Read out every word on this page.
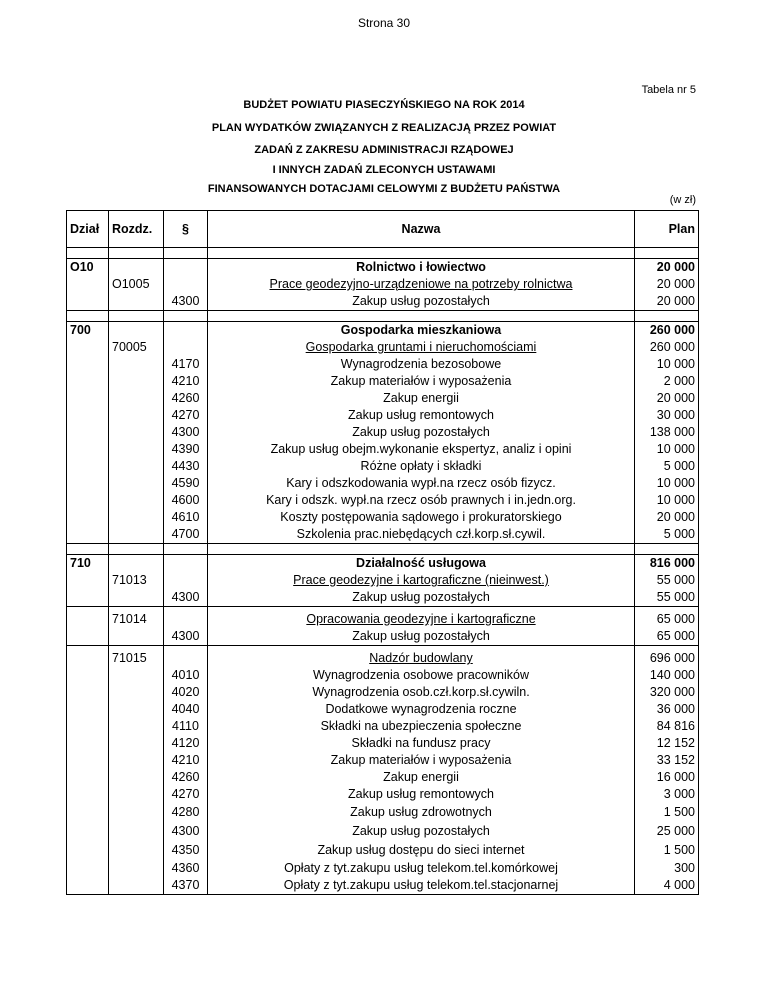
Strona 30
Tabela nr 5
BUDŻET POWIATU PIASECZYŃSKIEGO NA ROK 2014
PLAN WYDATKÓW ZWIĄZANYCH Z REALIZACJĄ PRZEZ POWIAT
ZADAŃ Z ZAKRESU ADMINISTRACJI RZĄDOWEJ
I INNYCH ZADAŃ ZLECONYCH USTAWAMI
FINANSOWANYCH DOTACJAMI CELOWYMI Z BUDŻETU PAŃSTWA
(w zł)
Dział	Rozdz.	§	Nazwa	Plan

O10			Rolnictwo i łowiectwo	20 000
	O1005		Prace geodezyjno-urządzeniowe na potrzeby rolnictwa	20 000
		4300	Zakup usług pozostałych	20 000

700			Gospodarka mieszkaniowa	260 000
	70005		Gospodarka gruntami i nieruchomościami	260 000
		4170	Wynagrodzenia bezosobowe	10 000
		4210	Zakup materiałów i wyposażenia	2 000
		4260	Zakup energii	20 000
		4270	Zakup usług remontowych	30 000
		4300	Zakup usług pozostałych	138 000
		4390	Zakup usług obejm.wykonanie ekspertyz, analiz i opini	10 000
		4430	Różne opłaty i składki	5 000
		4590	Kary i odszkodowania wypł.na rzecz osób fizycz.	10 000
		4600	Kary i odszk. wypł.na rzecz osób prawnych i in.jedn.org.	10 000
		4610	Koszty postępowania sądowego i prokuratorskiego	20 000
		4700	Szkolenia prac.niebędących czł.korp.sł.cywil.	5 000

710			Działalność usługowa	816 000
	71013		Prace geodezyjne i kartograficzne (nieinwest.)	55 000
		4300	Zakup usług pozostałych	55 000

	71014		Opracowania geodezyjne i kartograficzne	65 000
		4300	Zakup usług pozostałych	65 000

	71015		Nadzór budowlany	696 000
		4010	Wynagrodzenia osobowe pracowników	140 000
		4020	Wynagrodzenia osob.czł.korp.sł.cywiln.	320 000
		4040	Dodatkowe wynagrodzenia roczne	36 000
		4110	Składki na ubezpieczenia społeczne	84 816
		4120	Składki na fundusz pracy	12 152
		4210	Zakup materiałów i wyposażenia	33 152
		4260	Zakup energii	16 000
		4270	Zakup usług remontowych	3 000
		4280	Zakup usług zdrowotnych	1 500
		4300	Zakup usług pozostałych	25 000
		4350	Zakup usług dostępu do sieci internet	1 500
		4360	Opłaty z tyt.zakupu usług telekom.tel.komórkowej	300
		4370	Opłaty z tyt.zakupu usług telekom.tel.stacjonarnej	4 000
